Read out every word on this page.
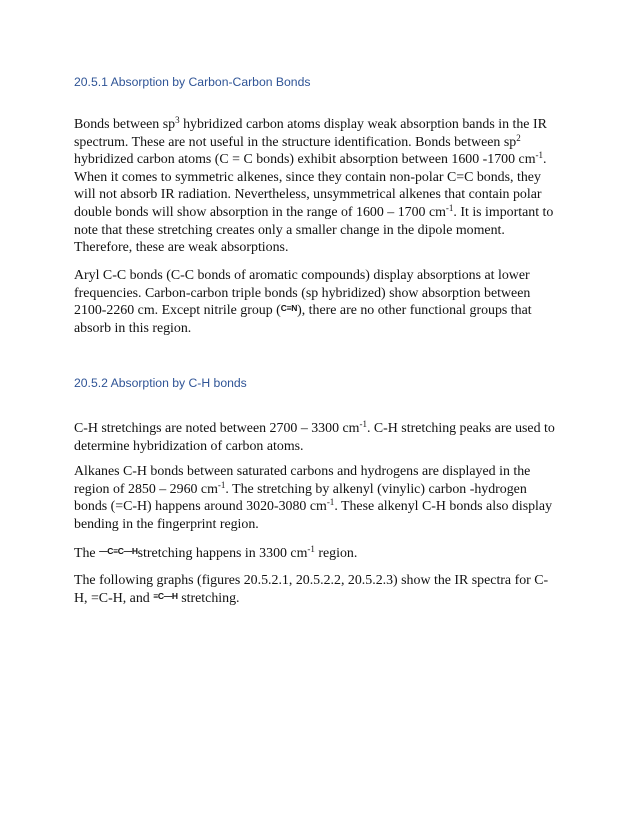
20.5.1 Absorption by Carbon-Carbon Bonds

Bonds between $sp^3$ hybridized carbon atoms display weak absorption bands in the IR spectrum. These are not useful in the structure identification. Bonds between $sp^2$ hybridized carbon atoms (C = C bonds) exhibit absorption between 1600 -1700 $cm^{-1}$. When it comes to symmetric alkenes, since they contain non-polar C=C bonds, they will not absorb IR radiation. Nevertheless, unsymmetrical alkenes that contain polar double bonds will show absorption in the range of 1600 – 1700 $cm^{-1}$. It is important to note that these stretching creates only a smaller change in the dipole moment. Therefore, these are weak absorptions.

Aryl C-C bonds (C-C bonds of aromatic compounds) display absorptions at lower frequencies. Carbon-carbon triple bonds (sp hybridized) show absorption between 2100-2260 cm. Except nitrile group (C≡N), there are no other functional groups that absorb in this region.

20.5.2 Absorption by C-H bonds

C-H stretchings are noted between 2700 – 3300 $cm^{-1}$. C-H stretching peaks are used to determine hybridization of carbon atoms.

Alkanes C-H bonds between saturated carbons and hydrogens are displayed in the region of 2850 – 2960 $cm^{-1}$. The stretching by alkenyl (vinylic) carbon -hydrogen bonds (=C-H) happens around 3020-3080 $cm^{-1}$. These alkenyl C-H bonds also display bending in the fingerprint region.

The —C≡C—Hstretching happens in 3300 $cm^{-1}$ region.

The following graphs (figures 20.5.2.1, 20.5.2.2, 20.5.2.3) show the IR spectra for C-H, =C-H, and ≡C—H stretching.
